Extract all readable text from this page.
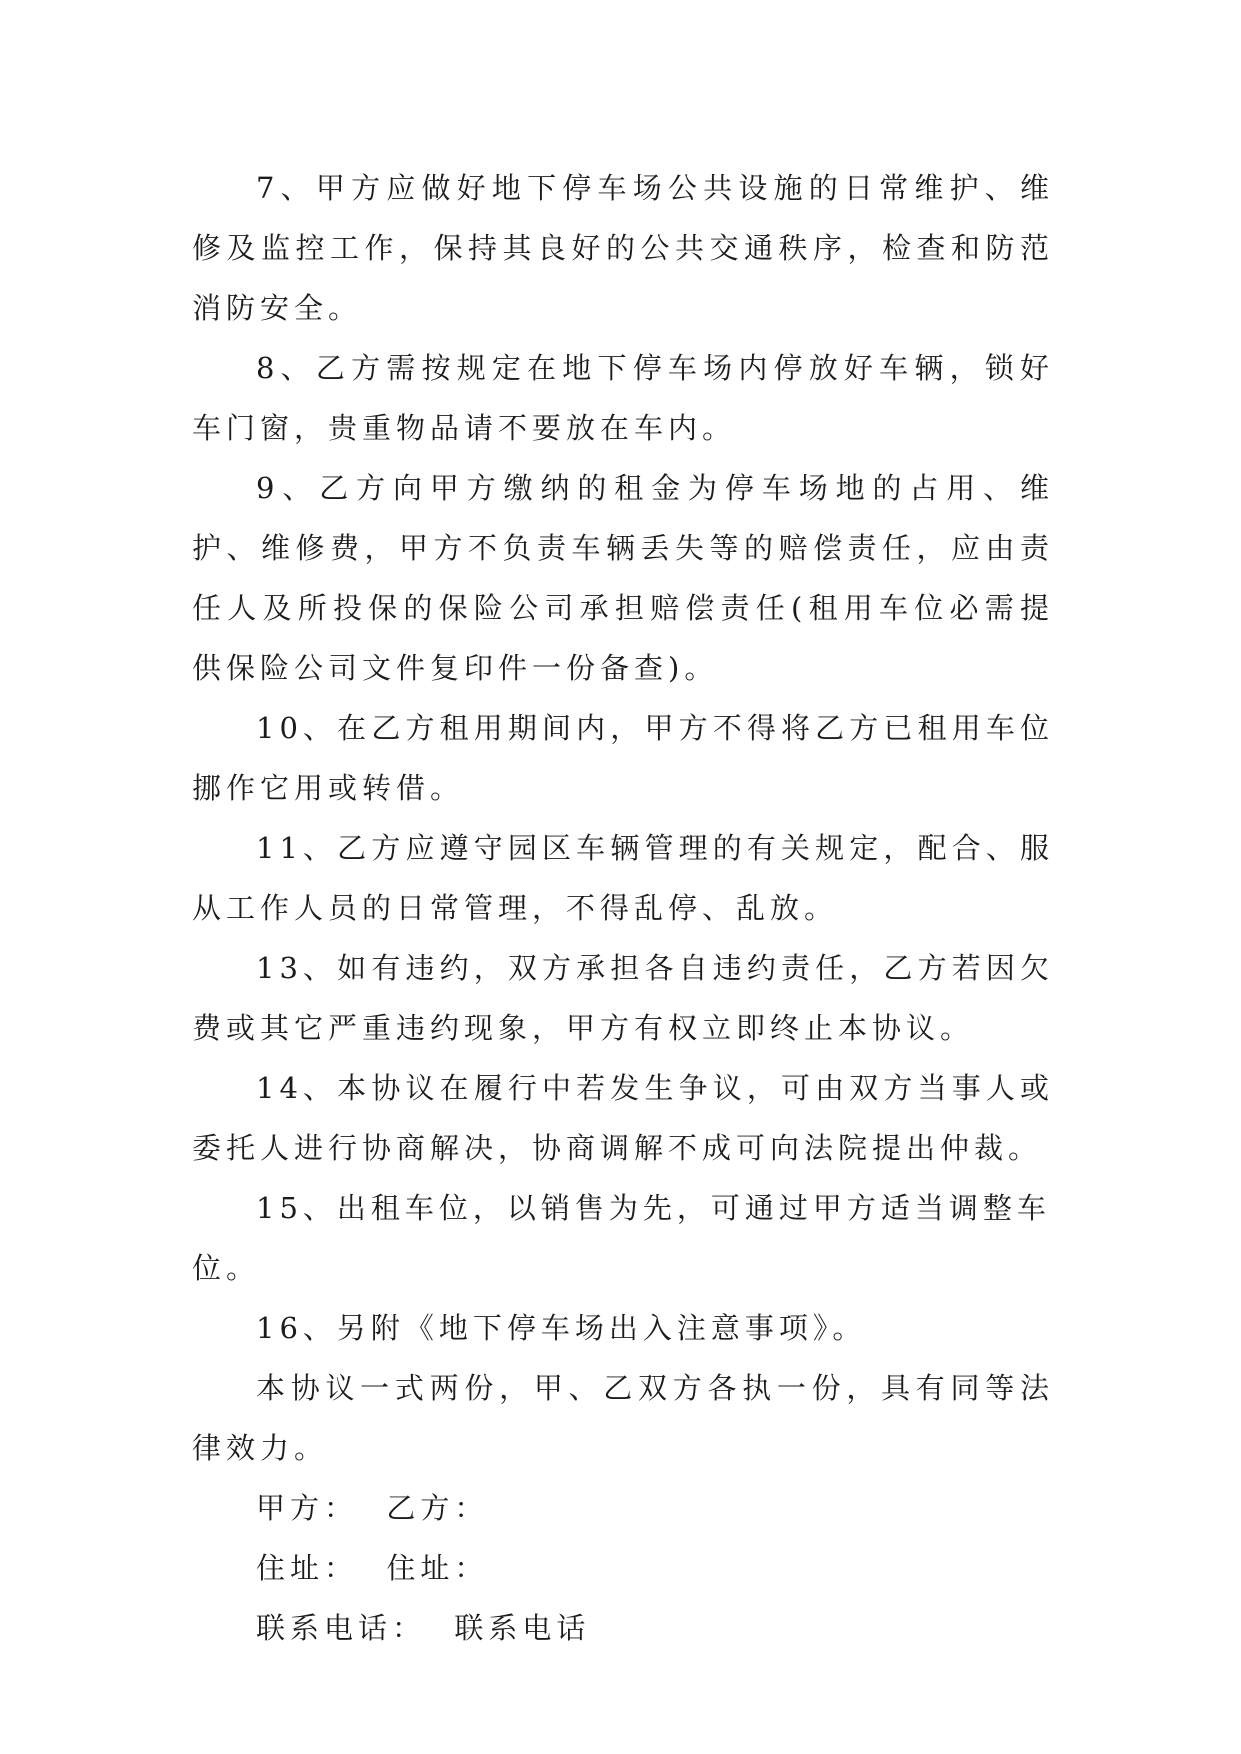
7、甲方应做好地下停车场公共设施的日常维护、维修及监控工作，保持其良好的公共交通秩序，检查和防范消防安全。

8、乙方需按规定在地下停车场内停放好车辆，锁好车门窗，贵重物品请不要放在车内。

9、乙方向甲方缴纳的租金为停车场地的占用、维护、维修费，甲方不负责车辆丢失等的赔偿责任，应由责任人及所投保的保险公司承担赔偿责任(租用车位必需提供保险公司文件复印件一份备查)。

10、在乙方租用期间内，甲方不得将乙方已租用车位挪作它用或转借。

11、乙方应遵守园区车辆管理的有关规定，配合、服从工作人员的日常管理，不得乱停、乱放。

13、如有违约，双方承担各自违约责任，乙方若因欠费或其它严重违约现象，甲方有权立即终止本协议。

14、本协议在履行中若发生争议，可由双方当事人或委托人进行协商解决，协商调解不成可向法院提出仲裁。

15、出租车位，以销售为先，可通过甲方适当调整车位。

16、另附《地下停车场出入注意事项》。

本协议一式两份，甲、乙双方各执一份，具有同等法律效力。

甲方：  乙方：

住址：  住址：

联系电话：  联系电话
